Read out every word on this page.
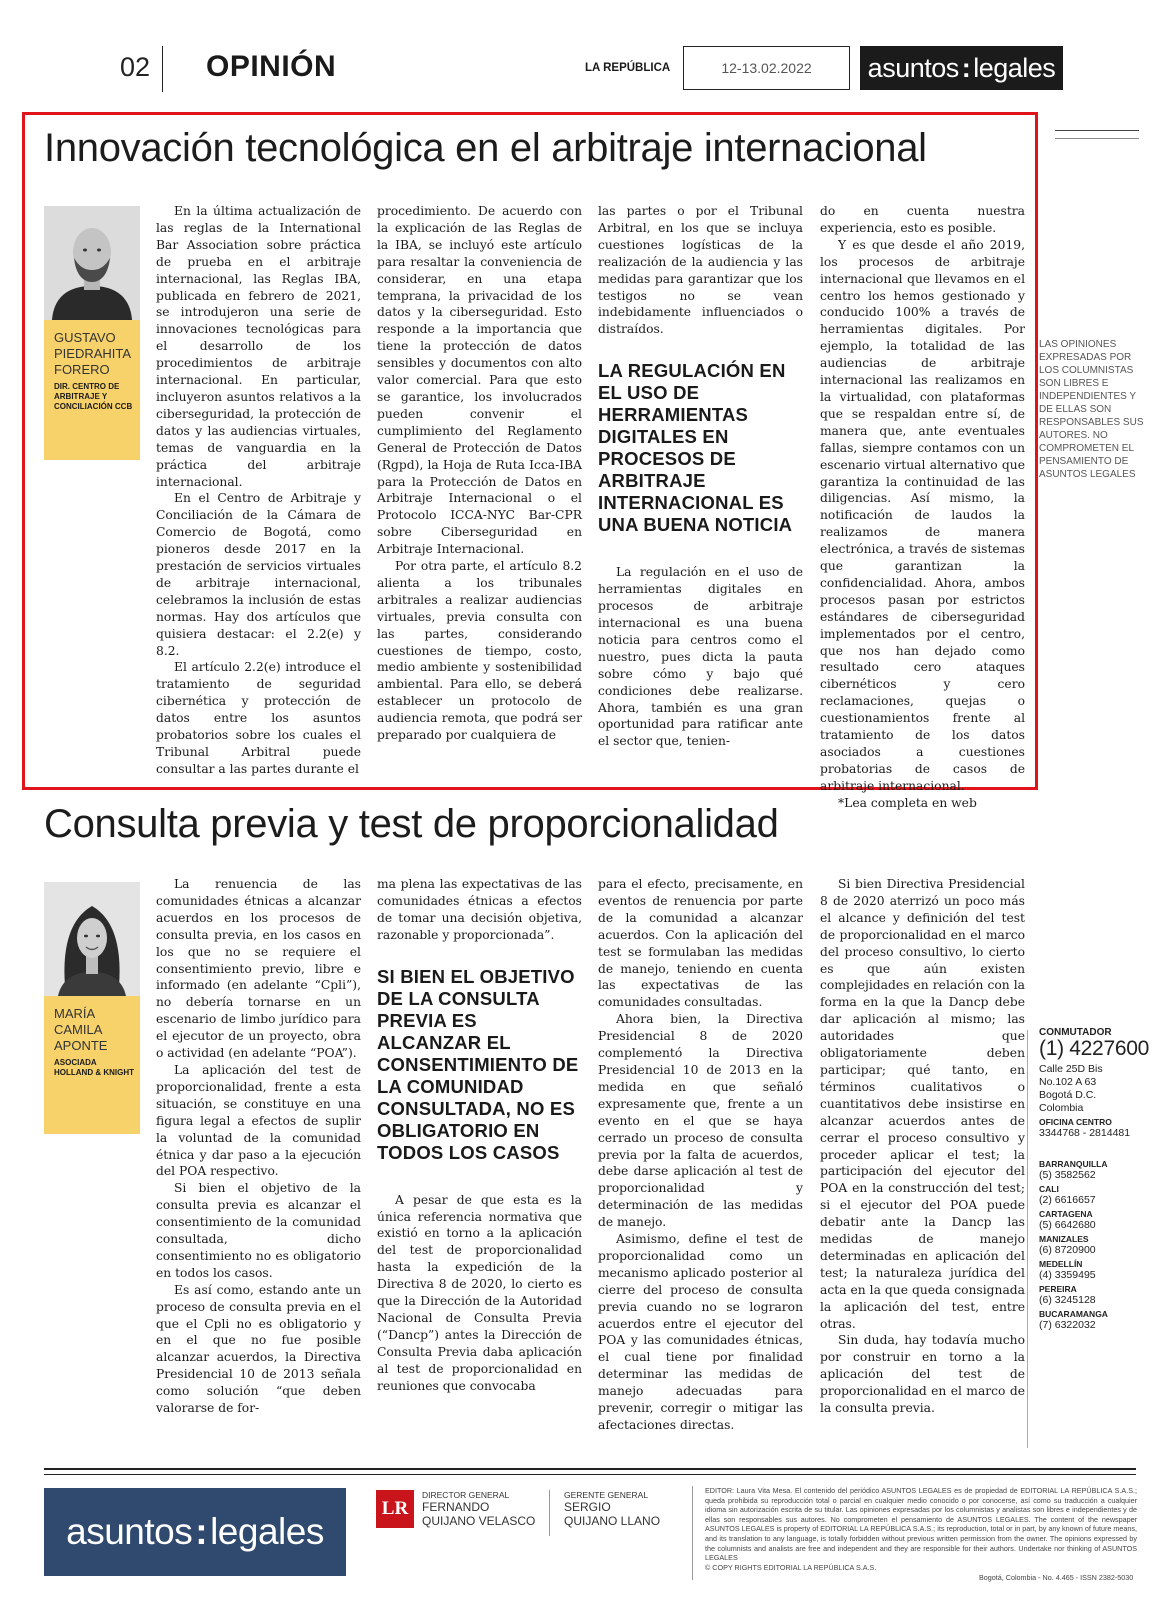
02 OPINIÓN	LA REPÚBLICA	12-13.02.2022	asuntos : legales
Innovación tecnológica en el arbitraje internacional
GUSTAVO PIEDRAHITA FORERO
DIR. CENTRO DE ARBITRAJE Y CONCILIACIÓN CCB

En la última actualización de las reglas de la International Bar Association sobre práctica de prueba en el arbitraje internacional, las Reglas IBA, publicada en febrero de 2021, se introdujeron una serie de innovaciones tecnológicas para el desarrollo de los procedimientos de arbitraje internacional. En particular, incluyeron asuntos relativos a la ciberseguridad, la protección de datos y las audiencias virtuales, temas de vanguardia en la práctica del arbitraje internacional.

En el Centro de Arbitraje y Conciliación de la Cámara de Comercio de Bogotá, como pioneros desde 2017 en la prestación de servicios virtuales de arbitraje internacional, celebramos la inclusión de estas normas. Hay dos artículos que quisiera destacar: el 2.2(e) y 8.2.

El artículo 2.2(e) introduce el tratamiento de seguridad cibernética y protección de datos entre los asuntos probatorios sobre los cuales el Tribunal Arbitral puede consultar a las partes durante el

procedimiento. De acuerdo con la explicación de las Reglas de la IBA, se incluyó este artículo para resaltar la conveniencia de considerar, en una etapa temprana, la privacidad de los datos y la ciberseguridad. Esto responde a la importancia que tiene la protección de datos sensibles y documentos con alto valor comercial. Para que esto se garantice, los involucrados pueden convenir el cumplimiento del Reglamento General de Protección de Datos (Rgpd), la Hoja de Ruta Icca-IBA para la Protección de Datos en Arbitraje Internacional o el Protocolo ICCA-NYC Bar-CPR sobre Ciberseguridad en Arbitraje Internacional.

Por otra parte, el artículo 8.2 alienta a los tribunales arbitrales a realizar audiencias virtuales, previa consulta con las partes, considerando cuestiones de tiempo, costo, medio ambiente y sostenibilidad ambiental. Para ello, se deberá establecer un protocolo de audiencia remota, que podrá ser preparado por cualquiera de

las partes o por el Tribunal Arbitral, en los que se incluya cuestiones logísticas de la realización de la audiencia y las medidas para garantizar que los testigos no se vean indebidamente influenciados o distraídos.

LA REGULACIÓN EN EL USO DE HERRAMIENTAS DIGITALES EN PROCESOS DE ARBITRAJE INTERNACIONAL ES UNA BUENA NOTICIA

La regulación en el uso de herramientas digitales en procesos de arbitraje internacional es una buena noticia para centros como el nuestro, pues dicta la pauta sobre cómo y bajo qué condiciones debe realizarse. Ahora, también es una gran oportunidad para ratificar ante el sector que, tenien-

do en cuenta nuestra experiencia, esto es posible.

Y es que desde el año 2019, los procesos de arbitraje internacional que llevamos en el centro los hemos gestionado y conducido 100% a través de herramientas digitales. Por ejemplo, la totalidad de las audiencias de arbitraje internacional las realizamos en la virtualidad, con plataformas que se respaldan entre sí, de manera que, ante eventuales fallas, siempre contamos con un escenario virtual alternativo que garantiza la continuidad de las diligencias. Así mismo, la notificación de laudos la realizamos de manera electrónica, a través de sistemas que garantizan la confidencialidad. Ahora, ambos procesos pasan por estrictos estándares de ciberseguridad implementados por el centro, que nos han dejado como resultado cero ataques cibernéticos y cero reclamaciones, quejas o cuestionamientos frente al tratamiento de los datos asociados a cuestiones probatorias de casos de arbitraje internacional.

*Lea completa en web

LAS OPINIONES EXPRESADAS POR LOS COLUMNISTAS SON LIBRES E INDEPENDIENTES Y DE ELLAS SON RESPONSABLES SUS AUTORES. NO COMPROMETEN EL PENSAMIENTO DE ASUNTOS LEGALES
Consulta previa y test de proporcionalidad
MARÍA CAMILA APONTE
ASOCIADA HOLLAND & KNIGHT

La renuencia de las comunidades étnicas a alcanzar acuerdos en los procesos de consulta previa, en los casos en los que no se requiere el consentimiento previo, libre e informado (en adelante “Cpli”), no debería tornarse en un escenario de limbo jurídico para el ejecutor de un proyecto, obra o actividad (en adelante “POA”).

La aplicación del test de proporcionalidad, frente a esta situación, se constituye en una figura legal a efectos de suplir la voluntad de la comunidad étnica y dar paso a la ejecución del POA respectivo.

Si bien el objetivo de la consulta previa es alcanzar el consentimiento de la comunidad consultada, dicho consentimiento no es obligatorio en todos los casos.

Es así como, estando ante un proceso de consulta previa en el que el Cpli no es obligatorio y en el que no fue posible alcanzar acuerdos, la Directiva Presidencial 10 de 2013 señala como solución “que deben valorarse de for-

ma plena las expectativas de las comunidades étnicas a efectos de tomar una decisión objetiva, razonable y proporcionada”.

SI BIEN EL OBJETIVO DE LA CONSULTA PREVIA ES ALCANZAR EL CONSENTIMIENTO DE LA COMUNIDAD CONSULTADA, NO ES OBLIGATORIO EN TODOS LOS CASOS

A pesar de que esta es la única referencia normativa que existió en torno a la aplicación del test de proporcionalidad hasta la expedición de la Directiva 8 de 2020, lo cierto es que la Dirección de la Autoridad Nacional de Consulta Previa (“Dancp”) antes la Dirección de Consulta Previa daba aplicación al test de proporcionalidad en reuniones que convocaba

para el efecto, precisamente, en eventos de renuencia por parte de la comunidad a alcanzar acuerdos. Con la aplicación del test se formulaban las medidas de manejo, teniendo en cuenta las expectativas de las comunidades consultadas.

Ahora bien, la Directiva Presidencial 8 de 2020 complementó la Directiva Presidencial 10 de 2013 en la medida en que señaló expresamente que, frente a un evento en el que se haya cerrado un proceso de consulta previa por la falta de acuerdos, debe darse aplicación al test de proporcionalidad y determinación de las medidas de manejo.

Asimismo, define el test de proporcionalidad como un mecanismo aplicado posterior al cierre del proceso de consulta previa cuando no se lograron acuerdos entre el ejecutor del POA y las comunidades étnicas, el cual tiene por finalidad determinar las medidas de manejo adecuadas para prevenir, corregir o mitigar las afectaciones directas.

Si bien Directiva Presidencial 8 de 2020 aterrizó un poco más el alcance y definición del test de proporcionalidad en el marco del proceso consultivo, lo cierto es que aún existen complejidades en relación con la forma en la que la Dancp debe dar aplicación al mismo; las autoridades que obligatoriamente deben participar; qué tanto, en términos cualitativos o cuantitativos debe insistirse en alcanzar acuerdos antes de cerrar el proceso consultivo y proceder aplicar el test; la participación del ejecutor del POA en la construcción del test; si el ejecutor del POA puede debatir ante la Dancp las medidas de manejo determinadas en aplicación del test; la naturaleza jurídica del acta en la que queda consignada la aplicación del test, entre otras.

Sin duda, hay todavía mucho por construir en torno a la aplicación del test de proporcionalidad en el marco de la consulta previa.

CONMUTADOR
(1) 4227600
Calle 25D Bis
No.102 A 63
Bogotá D.C.
Colombia
OFICINA CENTRO
3344768 - 2814481
BARRANQUILLA
(5) 3582562
CALI
(2) 6616657
CARTAGENA
(5) 6642680
MANIZALES
(6) 8720900
MEDELLÍN
(4) 3359495
PEREIRA
(6) 3245128
BUCARAMANGA
(7) 6322032
asuntos : legales
LR
DIRECTOR GENERAL
FERNANDO
QUIJANO VELASCO
GERENTE GENERAL
SERGIO
QUIJANO LLANO
EDITOR: Laura Vita Mesa. El contenido del periódico ASUNTOS LEGALES es de propiedad de EDITORIAL LA REPÚBLICA S.A.S.; queda prohibida su reproducción total o parcial en cualquier medio conocido o por conocerse, así como su traducción a cualquier idioma sin autorización escrita de su titular. Las opiniones expresadas por los columnistas y analistas son libres e independientes y de ellas son responsables sus autores. No comprometen el pensamiento de ASUNTOS LEGALES. The content of the newspaper ASUNTOS LEGALES is property of EDITORIAL LA REPÚBLICA S.A.S.; its reproduction, total or in part, by any known of future means, and its translation to any language, is totally forbidden without previous written permission from the owner. The opinions expressed by the columnists and analists are free and independent and they are responsible for their authors. Undertake nor thinking of ASUNTOS LEGALES
© COPY RIGHTS EDITORIAL LA REPÚBLICA S.A.S.
Bogotá, Colombia - No. 4.465 - ISSN 2382-5030
